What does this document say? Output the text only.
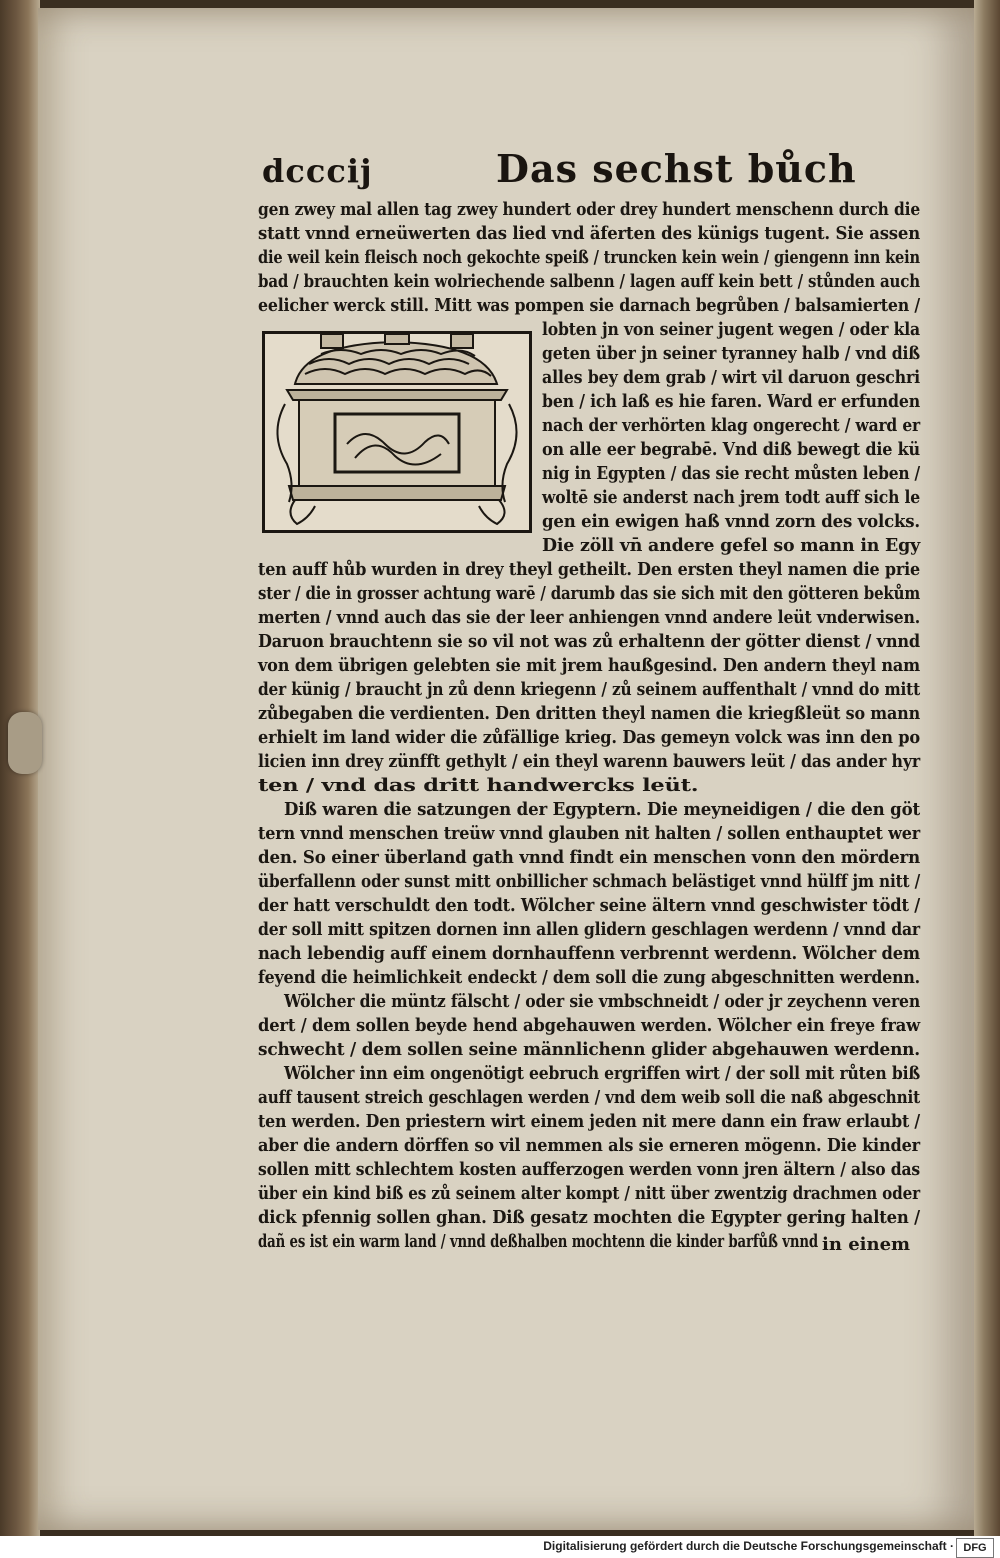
dcccij	Das sechst bůch
gen zwey mal allen tag zwey hundert oder drey hundert menschenn durch die
statt vnnd erneüwerten das lied vnd äferten des künigs tugent. Sie assen
die weil kein fleisch noch gekochte speiß / truncken kein wein / giengenn inn kein
bad / brauchten kein wolriechende salbenn / lagen auff kein bett / stůnden auch
eelicher werck still. Mitt was pompen sie darnach begrůben / balsamierten /
lobten jn von seiner jugent wegen / oder kla
geten über jn seiner tyranney halb / vnd diß
alles bey dem grab / wirt vil daruon geschri
ben / ich laß es hie faren. Ward er erfunden
nach der verhörten klag ongerecht / ward er
on alle eer begrabē. Vnd diß bewegt die kü
nig in Egypten / das sie recht můsten leben /
woltē sie anderst nach jrem todt auff sich le
gen ein ewigen haß vnnd zorn des volcks.
Die zöll vn̄ andere gefel so mann in Egy
ten auff hůb wurden in drey theyl getheilt. Den ersten theyl namen die prie
ster / die in grosser achtung warē / darumb das sie sich mit den götteren bekům
merten / vnnd auch das sie der leer anhiengen vnnd andere leüt vnderwisen.
Daruon brauchtenn sie so vil not was zů erhaltenn der götter dienst / vnnd
von dem übrigen gelebten sie mit jrem haußgesind. Den andern theyl nam
der künig / braucht jn zů denn kriegenn / zů seinem auffenthalt / vnnd do mitt
zůbegaben die verdienten. Den dritten theyl namen die kriegßleüt so mann
erhielt im land wider die zůfällige krieg. Das gemeyn volck was inn den po
licien inn drey zünfft gethylt / ein theyl warenn bauwers leüt / das ander hyr
ten / vnd das dritt handwercks leüt.
Diß waren die satzungen der Egyptern. Die meyneidigen / die den göt
tern vnnd menschen treüw vnnd glauben nit halten / sollen enthauptet wer
den. So einer überland gath vnnd findt ein menschen vonn den mördern
überfallenn oder sunst mitt onbillicher schmach belästiget vnnd hülff jm nitt /
der hatt verschuldt den todt. Wölcher seine ältern vnnd geschwister tödt /
der soll mitt spitzen dornen inn allen glidern geschlagen werdenn / vnnd dar
nach lebendig auff einem dornhauffenn verbrennt werdenn. Wölcher dem
feyend die heimlichkeit endeckt / dem soll die zung abgeschnitten werdenn.
Wölcher die müntz fälscht / oder sie vmbschneidt / oder jr zeychenn veren
dert / dem sollen beyde hend abgehauwen werden. Wölcher ein freye fraw
schwecht / dem sollen seine männlichenn glider abgehauwen werdenn.
Wölcher inn eim ongenötigt eebruch ergriffen wirt / der soll mit růten biß
auff tausent streich geschlagen werden / vnd dem weib soll die naß abgeschnit
ten werden. Den priestern wirt einem jeden nit mere dann ein fraw erlaubt /
aber die andern dörffen so vil nemmen als sie erneren mögenn. Die kinder
sollen mitt schlechtem kosten aufferzogen werden vonn jren ältern / also das
über ein kind biß es zů seinem alter kompt / nitt über zwentzig drachmen oder
dick pfennig sollen ghan. Diß gesatz mochten die Egypter gering halten /
dañ es ist ein warm land / vnnd deßhalben mochtenn die kinder barfůß vnnd in einem
Digitalisierung gefördert durch die Deutsche Forschungsgemeinschaft · DFG
